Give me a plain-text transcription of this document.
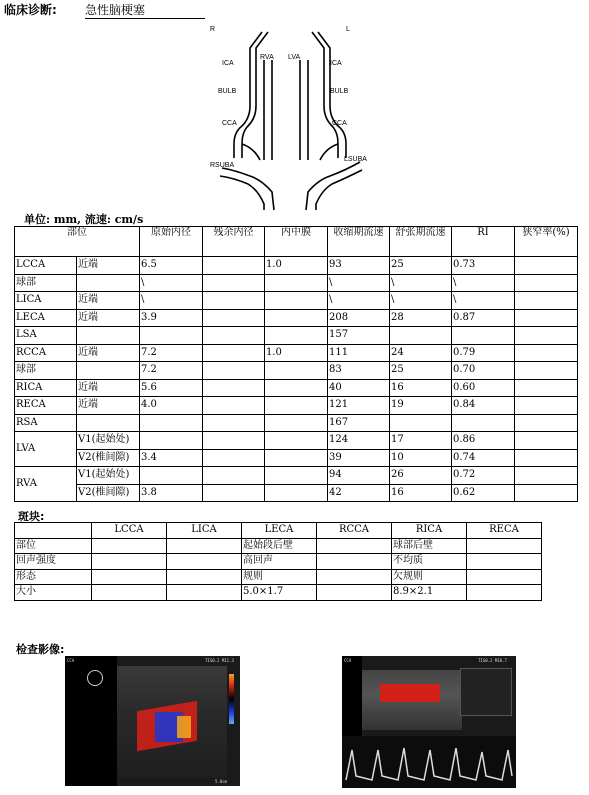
临床诊断: 急性脑梗塞
R	L
ICA
RVA LVA
ICA
BULB	BULB
CCA	CCA
RSUBA
LSUBA
单位: mm, 流速: cm/s
部位		原始内径	残余内径	内中膜	收缩期流速	舒张期流速	RI	狭窄率(%)
LCCA	近端	6.5		1.0	93	25	0.73	
球部		\			\	\	\	
LICA	近端	\			\	\	\	
LECA	近端	3.9			208	28	0.87	
LSA					157			
RCCA	近端	7.2		1.0	111	24	0.79	
球部		7.2			83	25	0.70	
RICA	近端	5.6			40	16	0.60	
RECA	近端	4.0			121	19	0.84	
RSA					167			
LVA	V1(起始处)				124	17	0.86	
	V2(椎间隙)	3.4			39	10	0.74	
RVA	V1(起始处)				94	26	0.72	
	V2(椎间隙)	3.8			42	16	0.62	
斑块:
	LCCA	LICA	LECA	RCCA	RICA	RECA
部位			起始段后壁		球部后壁	
回声强度			高回声		不均质	
形态			规则		欠规则	
大小			5.0×1.7		8.9×2.1	
检查影像:
CCA	TIS0.2 MI1.3
5.0cm
CCA	TIS0.2 MI0.7
